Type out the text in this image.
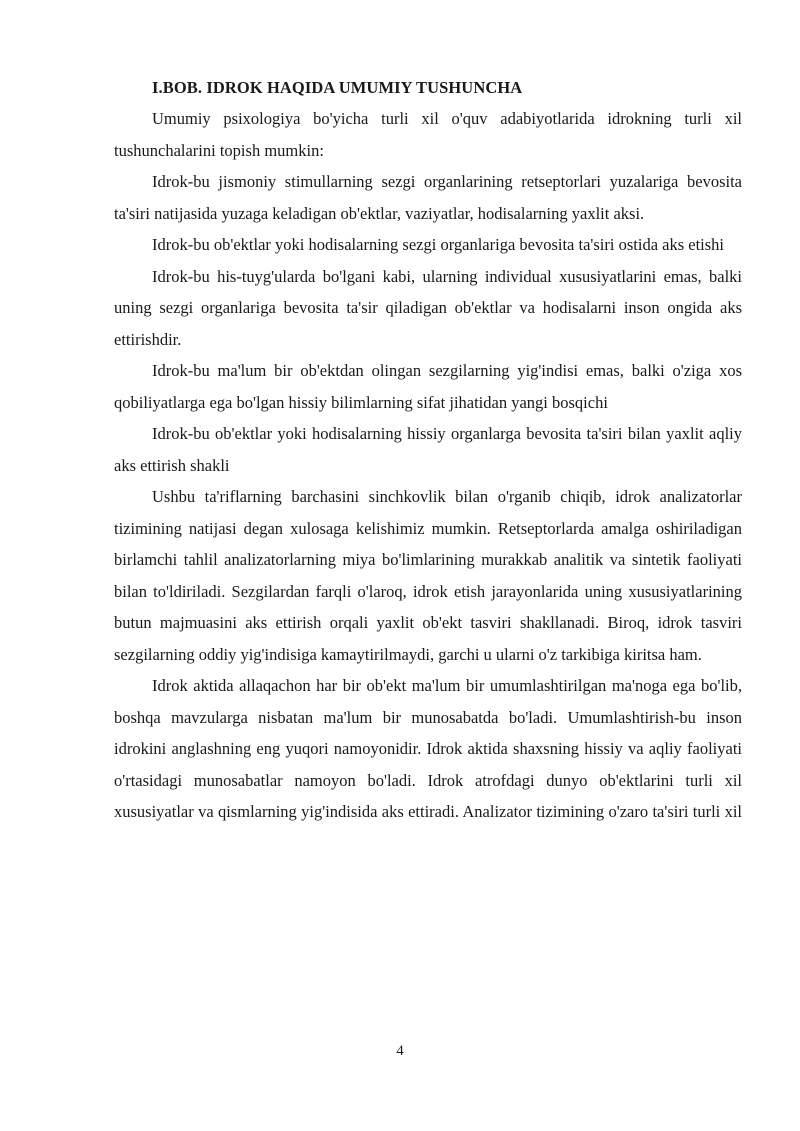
I.BOB. IDROK HAQIDA UMUMIY TUSHUNCHA

Umumiy psixologiya bo'yicha turli xil o'quv adabiyotlarida idrokning turli xil tushunchalarini topish mumkin:

Idrok-bu jismoniy stimullarning sezgi organlarining retseptorlari yuzalariga bevosita ta'siri natijasida yuzaga keladigan ob'ektlar, vaziyatlar, hodisalarning yaxlit aksi.

Idrok-bu ob'ektlar yoki hodisalarning sezgi organlariga bevosita ta'siri ostida aks etishi

Idrok-bu his-tuyg'ularda bo'lgani kabi, ularning individual xususiyatlarini emas, balki uning sezgi organlariga bevosita ta'sir qiladigan ob'ektlar va hodisalarni inson ongida aks ettirishdir.

Idrok-bu ma'lum bir ob'ektdan olingan sezgilarning yig'indisi emas, balki o'ziga xos qobiliyatlarga ega bo'lgan hissiy bilimlarning sifat jihatidan yangi bosqichi

Idrok-bu ob'ektlar yoki hodisalarning hissiy organlarga bevosita ta'siri bilan yaxlit aqliy aks ettirish shakli

Ushbu ta'riflarning barchasini sinchkovlik bilan o'rganib chiqib, idrok analizatorlar tizimining natijasi degan xulosaga kelishimiz mumkin. Retseptorlarda amalga oshiriladigan birlamchi tahlil analizatorlarning miya bo'limlarining murakkab analitik va sintetik faoliyati bilan to'ldiriladi. Sezgilardan farqli o'laroq, idrok etish jarayonlarida uning xususiyatlarining butun majmuasini aks ettirish orqali yaxlit ob'ekt tasviri shakllanadi. Biroq, idrok tasviri sezgilarning oddiy yig'indisiga kamaytirilmaydi, garchi u ularni o'z tarkibiga kiritsa ham.

Idrok aktida allaqachon har bir ob'ekt ma'lum bir umumlashtirilgan ma'noga ega bo'lib, boshqa mavzularga nisbatan ma'lum bir munosabatda bo'ladi. Umumlashtirish-bu inson idrokini anglashning eng yuqori namoyonidir. Idrok aktida shaxsning hissiy va aqliy faoliyati o'rtasidagi munosabatlar namoyon bo'ladi. Idrok atrofdagi dunyo ob'ektlarini turli xil xususiyatlar va qismlarning yig'indisida aks ettiradi. Analizator tizimining o'zaro ta'siri turli xil

4
